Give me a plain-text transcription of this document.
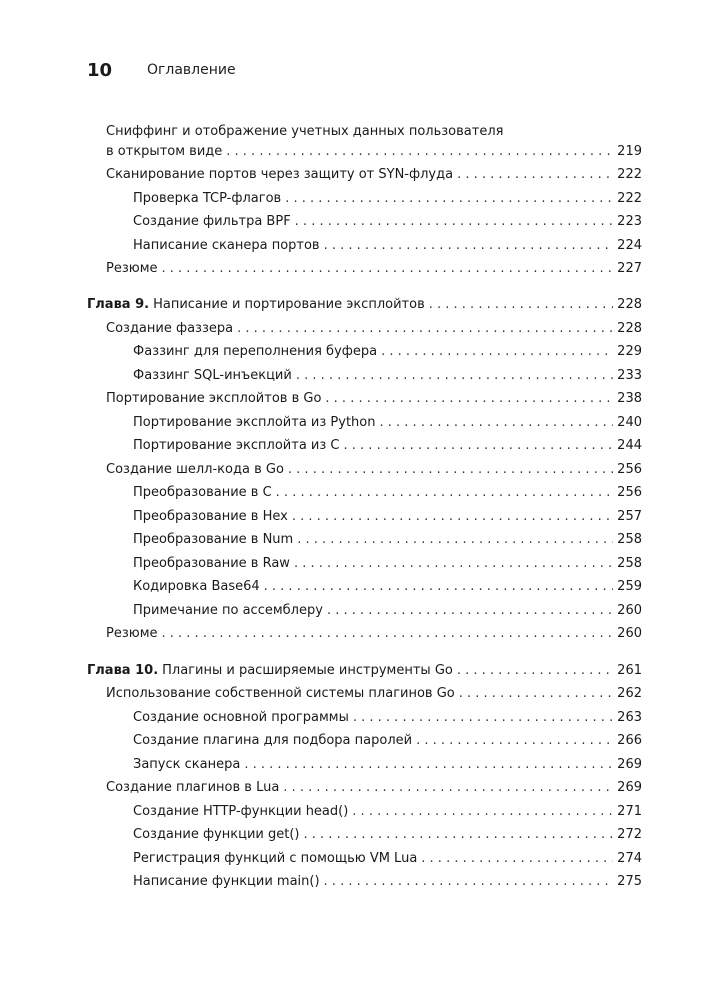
10 Оглавление
Сниффинг и отображение учетных данных пользователя
в открытом виде . . .	219
Сканирование портов через защиту от SYN-флуда . . .	222
Проверка TCP-флагов . . .	222
Создание фильтра BPF . . .	223
Написание сканера портов . . .	224
Резюме . . .	227
Глава 9. Написание и портирование эксплойтов . . .	228
Создание фаззера . . .	228
Фаззинг для переполнения буфера . . .	229
Фаззинг SQL-инъекций . . .	233
Портирование эксплойтов в Go . . .	238
Портирование эксплойта из Python . . .	240
Портирование эксплойта из C . . .	244
Создание шелл-кода в Go . . .	256
Преобразование в C . . .	256
Преобразование в Hex . . .	257
Преобразование в Num . . .	258
Преобразование в Raw . . .	258
Кодировка Base64 . . .	259
Примечание по ассемблеру . . .	260
Резюме . . .	260
Глава 10. Плагины и расширяемые инструменты Go . . .	261
Использование собственной системы плагинов Go . . .	262
Создание основной программы . . .	263
Создание плагина для подбора паролей . . .	266
Запуск сканера . . .	269
Создание плагинов в Lua . . .	269
Создание HTTP-функции head() . . .	271
Создание функции get() . . .	272
Регистрация функций с помощью VM Lua . . .	274
Написание функции main() . . .	275
